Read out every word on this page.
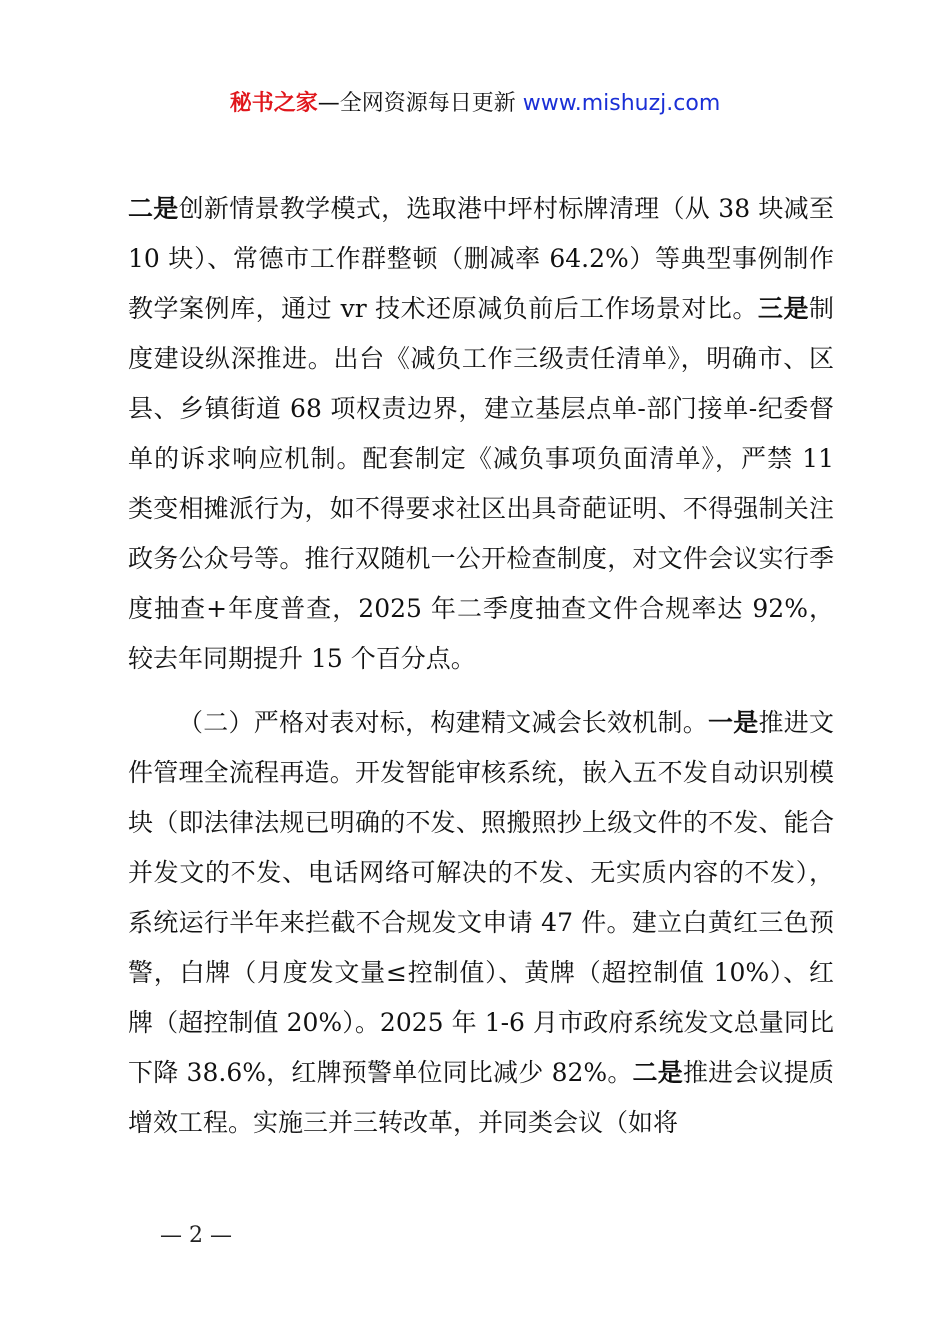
秘书之家—全网资源每日更新 www.mishuzj.com

二是创新情景教学模式，选取港中坪村标牌清理（从 38 块减至 10 块）、常德市工作群整顿（删减率 64.2%）等典型事例制作教学案例库，通过 vr 技术还原减负前后工作场景对比。三是制度建设纵深推进。出台《减负工作三级责任清单》，明确市、区县、乡镇街道 68 项权责边界，建立基层点单-部门接单-纪委督单的诉求响应机制。配套制定《减负事项负面清单》，严禁 11 类变相摊派行为，如不得要求社区出具奇葩证明、不得强制关注政务公众号等。推行双随机一公开检查制度，对文件会议实行季度抽查+年度普查，2025 年二季度抽查文件合规率达 92%，较去年同期提升 15 个百分点。

（二）严格对表对标，构建精文减会长效机制。一是推进文件管理全流程再造。开发智能审核系统，嵌入五不发自动识别模块（即法律法规已明确的不发、照搬照抄上级文件的不发、能合并发文的不发、电话网络可解决的不发、无实质内容的不发），系统运行半年来拦截不合规发文申请 47 件。建立白黄红三色预警，白牌（月度发文量≤控制值）、黄牌（超控制值 10%）、红牌（超控制值 20%）。2025 年 1-6 月市政府系统发文总量同比下降 38.6%，红牌预警单位同比减少 82%。二是推进会议提质增效工程。实施三并三转改革，并同类会议（如将

— 2 —
